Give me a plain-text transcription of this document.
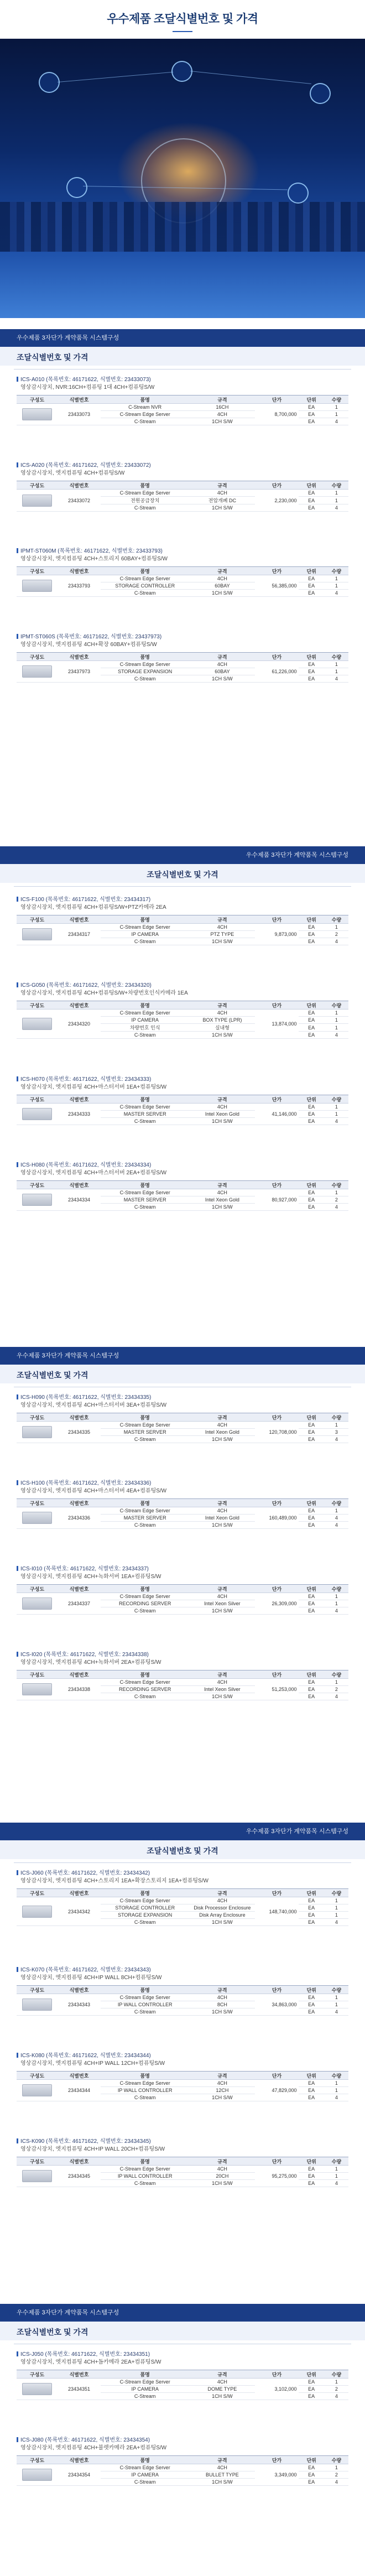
우수제품 조달식별번호 및 가격
우수제품 3자단가 계약품목 시스템구성
조달식별번호 및 가격

ICS-A010 (목록번호: 46171622, 식별번호: 23433073)

영상감시장치, NVR:16CH+컴퓨팅 1대 4CH+컴퓨팅S/W

구성도	식별번호	품명	규격	단가	단위	수량

	23433073	C-Stream NVR	16CH	8,700,000	EA	1
		C-Stream Edge Server	4CH		EA	1
		C-Stream	1CH S/W		EA	4

ICS-A020 (목록번호: 46171622, 식별번호: 23433072)

영상감시장치, 엣지컴퓨팅 4CH+컴퓨팅S/W

구성도	식별번호	품명	규격	단가	단위	수량

	23433072	C-Stream Edge Server	4CH	2,230,000	EA	1
		전원공급장치	전압개폐 DC		EA	1
		C-Stream	1CH S/W		EA	4

IPMT-ST060M (목록번호: 46171622, 식별번호: 23433793)

영상감시장치, 엣지컴퓨팅 4CH+스토리지 60BAY+컴퓨팅S/W

구성도	식별번호	품명	규격	단가	단위	수량

	23433793	C-Stream Edge Server	4CH	56,385,000	EA	1
		STORAGE CONTROLLER	60BAY		EA	1
		C-Stream	1CH S/W		EA	4

IPMT-ST060S (목록번호: 46171622, 식별번호: 23437973)

영상감시장치, 엣지컴퓨팅 4CH+확장 60BAY+컴퓨팅S/W

구성도	식별번호	품명	규격	단가	단위	수량

	23437973	C-Stream Edge Server	4CH	61,226,000	EA	1
		STORAGE EXPANSION	60BAY		EA	1
		C-Stream	1CH S/W		EA	4
우수제품 3자단가 계약품목 시스템구성
조달식별번호 및 가격

ICS-F100 (목록번호: 46171622, 식별번호: 23434317)

영상감시장치, 엣지컴퓨팅 4CH+컴퓨팅S/W+PTZ카메라 2EA

구성도	식별번호	품명	규격	단가	단위	수량

	23434317	C-Stream Edge Server	4CH	9,873,000	EA	1
		IP CAMERA	PTZ TYPE		EA	2
		C-Stream	1CH S/W		EA	4

ICS-G050 (목록번호: 46171622, 식별번호: 23434320)

영상감시장치, 엣지컴퓨팅 4CH+컴퓨팅S/W+차량번호인식카메라 1EA

구성도	식별번호	품명	규격	단가	단위	수량

	23434320	C-Stream Edge Server	4CH	13,874,000	EA	1
		IP CAMERA	BOX TYPE (LPR)		EA	1
		차량번호 인식	실내형		EA	1
		C-Stream	1CH S/W		EA	4

ICS-H070 (목록번호: 46171622, 식별번호: 23434333)

영상감시장치, 엣지컴퓨팅 4CH+마스터서버 1EA+컴퓨팅S/W

구성도	식별번호	품명	규격	단가	단위	수량

	23434333	C-Stream Edge Server	4CH	41,146,000	EA	1
		MASTER SERVER	Intel Xeon Gold		EA	1
		C-Stream	1CH S/W		EA	4

ICS-H080 (목록번호: 46171622, 식별번호: 23434334)

영상감시장치, 엣지컴퓨팅 4CH+마스터서버 2EA+컴퓨팅S/W

구성도	식별번호	품명	규격	단가	단위	수량

	23434334	C-Stream Edge Server	4CH	80,927,000	EA	1
		MASTER SERVER	Intel Xeon Gold		EA	2
		C-Stream	1CH S/W		EA	4
우수제품 3자단가 계약품목 시스템구성
조달식별번호 및 가격

ICS-H090 (목록번호: 46171622, 식별번호: 23434335)

영상감시장치, 엣지컴퓨팅 4CH+마스터서버 3EA+컴퓨팅S/W

구성도	식별번호	품명	규격	단가	단위	수량

	23434335	C-Stream Edge Server	4CH	120,708,000	EA	1
		MASTER SERVER	Intel Xeon Gold		EA	3
		C-Stream	1CH S/W		EA	4

ICS-H100 (목록번호: 46171622, 식별번호: 23434336)

영상감시장치, 엣지컴퓨팅 4CH+마스터서버 4EA+컴퓨팅S/W

구성도	식별번호	품명	규격	단가	단위	수량

	23434336	C-Stream Edge Server	4CH	160,489,000	EA	1
		MASTER SERVER	Intel Xeon Gold		EA	4
		C-Stream	1CH S/W		EA	4

ICS-I010 (목록번호: 46171622, 식별번호: 23434337)

영상감시장치, 엣지컴퓨팅 4CH+녹화서버 1EA+컴퓨팅S/W

구성도	식별번호	품명	규격	단가	단위	수량

	23434337	C-Stream Edge Server	4CH	26,309,000	EA	1
		RECORDING SERVER	Intel Xeon Silver		EA	1
		C-Stream	1CH S/W		EA	4

ICS-I020 (목록번호: 46171622, 식별번호: 23434338)

영상감시장치, 엣지컴퓨팅 4CH+녹화서버 2EA+컴퓨팅S/W

구성도	식별번호	품명	규격	단가	단위	수량

	23434338	C-Stream Edge Server	4CH	51,253,000	EA	1
		RECORDING SERVER	Intel Xeon Silver		EA	2
		C-Stream	1CH S/W		EA	4
우수제품 3자단가 계약품목 시스템구성
조달식별번호 및 가격

ICS-J060 (목록번호: 46171622, 식별번호: 23434342)

영상감시장치, 엣지컴퓨팅 4CH+스토리지 1EA+확장스토리지 1EA+컴퓨팅S/W

구성도	식별번호	품명	규격	단가	단위	수량

	23434342	C-Stream Edge Server	4CH	148,740,000	EA	1
		STORAGE CONTROLLER	Disk Processor Enclosure		EA	1
		STORAGE EXPANSION	Disk Array Enclosure		EA	1
		C-Stream	1CH S/W		EA	4

ICS-K070 (목록번호: 46171622, 식별번호: 23434343)

영상감시장치, 엣지컴퓨팅 4CH+IP WALL 8CH+컴퓨팅S/W

구성도	식별번호	품명	규격	단가	단위	수량

	23434343	C-Stream Edge Server	4CH	34,863,000	EA	1
		IP WALL CONTROLLER	8CH		EA	1
		C-Stream	1CH S/W		EA	4

ICS-K080 (목록번호: 46171622, 식별번호: 23434344)

영상감시장치, 엣지컴퓨팅 4CH+IP WALL 12CH+컴퓨팅S/W

구성도	식별번호	품명	규격	단가	단위	수량

	23434344	C-Stream Edge Server	4CH	47,829,000	EA	1
		IP WALL CONTROLLER	12CH		EA	1
		C-Stream	1CH S/W		EA	4

ICS-K090 (목록번호: 46171622, 식별번호: 23434345)

영상감시장치, 엣지컴퓨팅 4CH+IP WALL 20CH+컴퓨팅S/W

구성도	식별번호	품명	규격	단가	단위	수량

	23434345	C-Stream Edge Server	4CH	95,275,000	EA	1
		IP WALL CONTROLLER	20CH		EA	1
		C-Stream	1CH S/W		EA	4
우수제품 3자단가 계약품목 시스템구성
조달식별번호 및 가격

ICS-J050 (목록번호: 46171622, 식별번호: 23434351)

영상감시장치, 엣지컴퓨팅 4CH+돔카메라 2EA+컴퓨팅S/W

구성도	식별번호	품명	규격	단가	단위	수량

	23434351	C-Stream Edge Server	4CH	3,102,000	EA	1
		IP CAMERA	DOME TYPE		EA	2
		C-Stream	1CH S/W		EA	4

ICS-J080 (목록번호: 46171622, 식별번호: 23434354)

영상감시장치, 엣지컴퓨팅 4CH+불렛카메라 2EA+컴퓨팅S/W

구성도	식별번호	품명	규격	단가	단위	수량

	23434354	C-Stream Edge Server	4CH	3,349,000	EA	1
		IP CAMERA	BULLET TYPE		EA	2
		C-Stream	1CH S/W		EA	4
